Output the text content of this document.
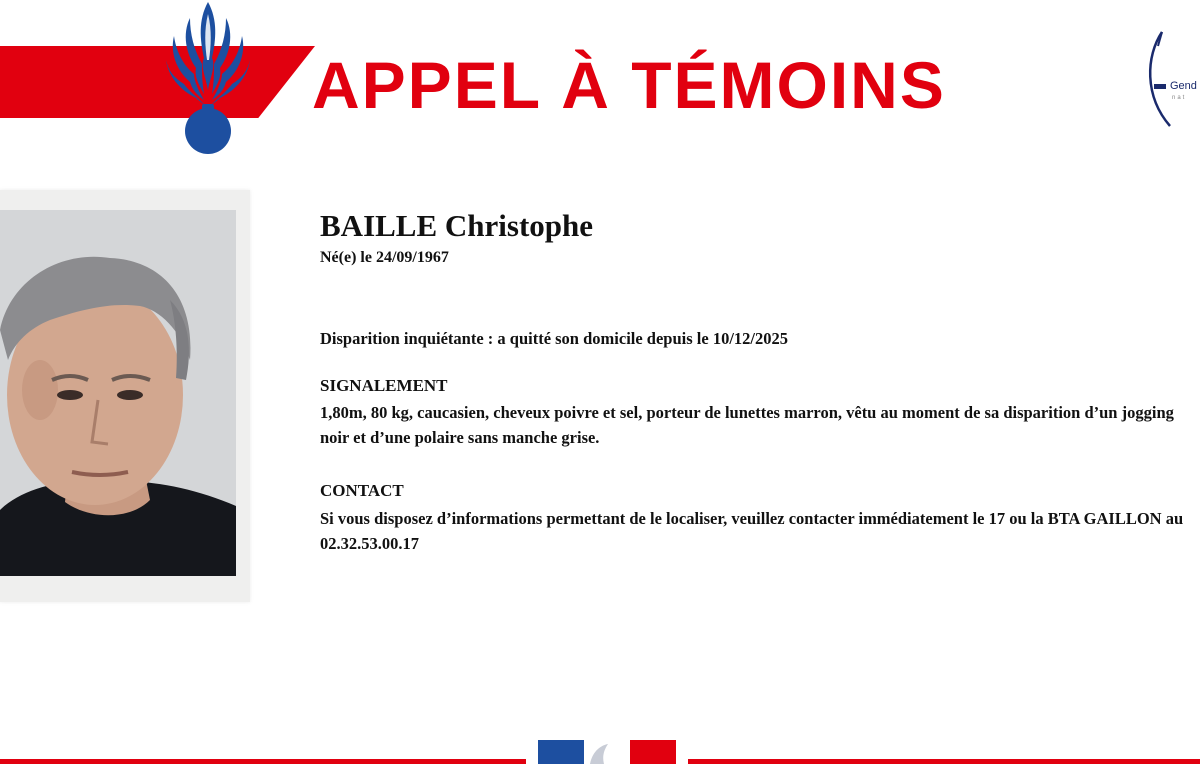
APPEL À TÉMOINS	Gend
nat
BAILLE Christophe
Né(e) le 24/09/1967
Disparition inquiétante : a quitté son domicile depuis le 10/12/2025
SIGNALEMENT
1,80m, 80 kg, caucasien, cheveux poivre et sel, porteur de lunettes marron, vêtu au moment de sa disparition d’un jogging noir et d’une polaire sans manche grise.
CONTACT
Si vous disposez d’informations permettant de le localiser, veuillez contacter immédiatement le 17 ou la BTA GAILLON au 02.32.53.00.17
